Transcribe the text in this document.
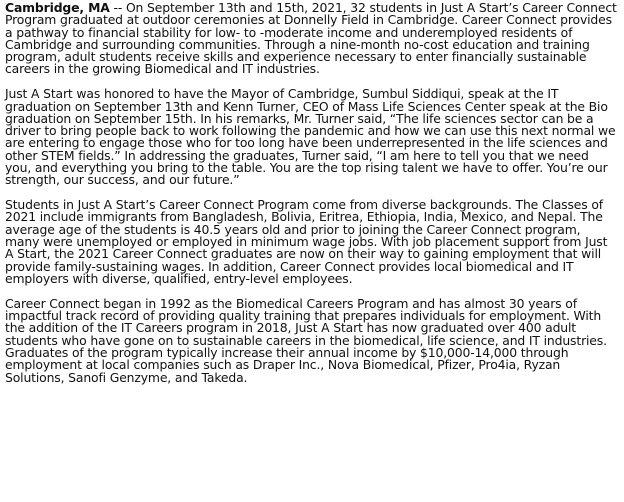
Cambridge, MA -- On September 13th and 15th, 2021, 32 students in Just A Start’s Career Connect Program graduated at outdoor ceremonies at Donnelly Field in Cambridge. Career Connect provides a pathway to financial stability for low- to -moderate income and underemployed residents of Cambridge and surrounding communities. Through a nine-month no-cost education and training program, adult students receive skills and experience necessary to enter financially sustainable careers in the growing Biomedical and IT industries.

Just A Start was honored to have the Mayor of Cambridge, Sumbul Siddiqui, speak at the IT graduation on September 13th and Kenn Turner, CEO of Mass Life Sciences Center speak at the Bio graduation on September 15th. In his remarks, Mr. Turner said, “The life sciences sector can be a driver to bring people back to work following the pandemic and how we can use this next normal we are entering to engage those who for too long have been underrepresented in the life sciences and other STEM fields.” In addressing the graduates, Turner said, “I am here to tell you that we need you, and everything you bring to the table. You are the top rising talent we have to offer. You’re our strength, our success, and our future.”

Students in Just A Start’s Career Connect Program come from diverse backgrounds. The Classes of 2021 include immigrants from Bangladesh, Bolivia, Eritrea, Ethiopia, India, Mexico, and Nepal. The average age of the students is 40.5 years old and prior to joining the Career Connect program, many were unemployed or employed in minimum wage jobs. With job placement support from Just A Start, the 2021 Career Connect graduates are now on their way to gaining employment that will provide family-sustaining wages. In addition, Career Connect provides local biomedical and IT employers with diverse, qualified, entry-level employees.

Career Connect began in 1992 as the Biomedical Careers Program and has almost 30 years of impactful track record of providing quality training that prepares individuals for employment. With the addition of the IT Careers program in 2018, Just A Start has now graduated over 400 adult students who have gone on to sustainable careers in the biomedical, life science, and IT industries. Graduates of the program typically increase their annual income by $10,000-14,000 through employment at local companies such as Draper Inc., Nova Biomedical, Pfizer, Pro4ia, Ryzan Solutions, Sanofi Genzyme, and Takeda.
